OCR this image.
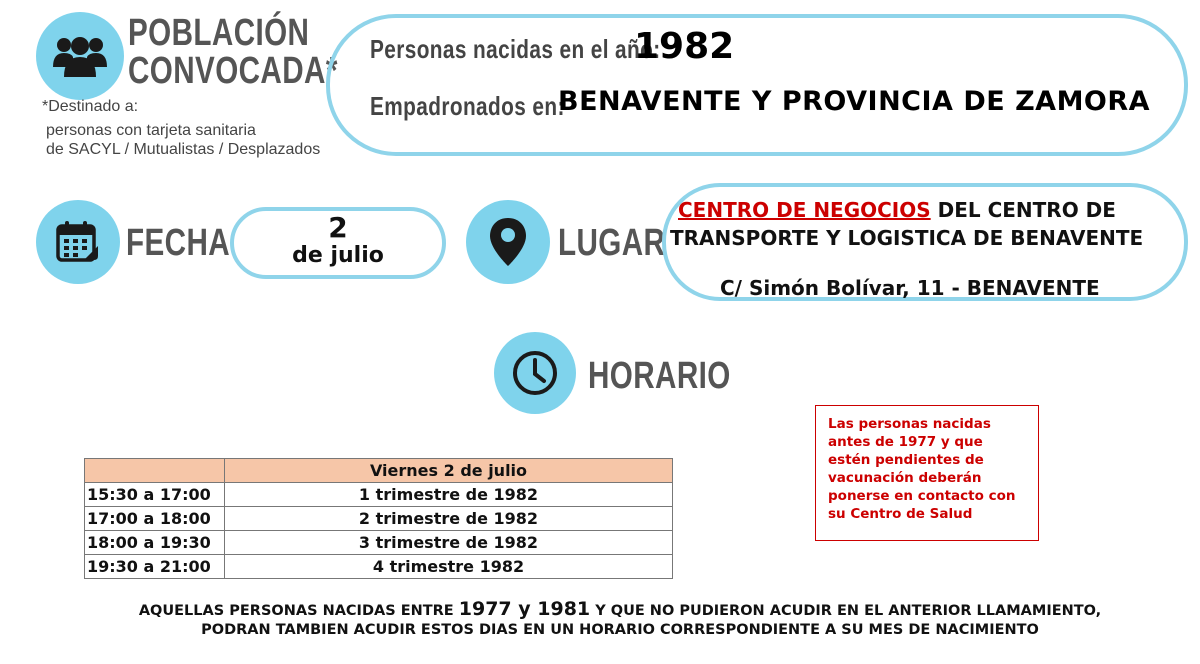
POBLACIÓN
CONVOCADA*
*Destinado a:
personas con tarjeta sanitaria
de SACYL / Mutualistas / Desplazados
Personas nacidas en el año:
1982
Empadronados en:
BENAVENTE Y PROVINCIA DE ZAMORA
FECHA	2
de julio	LUGAR
CENTRO DE NEGOCIOS DEL CENTRO DE
TRANSPORTE Y LOGISTICA DE BENAVENTE
C/ Simón Bolívar, 11 - BENAVENTE
HORARIO
Las personas nacidas antes de 1977 y que estén pendientes de vacunación deberán ponerse en contacto con su Centro de Salud
	Viernes 2 de julio
15:30 a 17:00	1 trimestre de 1982
17:00 a 18:00	2 trimestre de 1982
18:00 a 19:30	3 trimestre de 1982
19:30 a 21:00	4 trimestre 1982
AQUELLAS PERSONAS NACIDAS ENTRE 1977 y 1981 Y QUE NO PUDIERON ACUDIR EN EL ANTERIOR LLAMAMIENTO,
PODRAN TAMBIEN ACUDIR ESTOS DIAS EN UN HORARIO CORRESPONDIENTE A SU MES DE NACIMIENTO
